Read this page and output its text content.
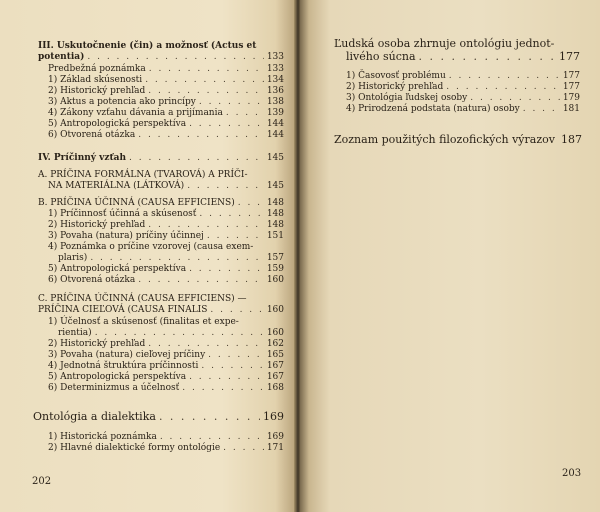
III. Uskutočnenie (čin) a možnosť (Actus et
potentia) . . .	133
Predbežná poznámka . . .	133
1) Základ skúsenosti . . .	134
2) Historický prehľad . . .	136
3) Aktus a potencia ako princípy . . .	138
4) Zákony vzťahu dávania a prijímania . . .	139
5) Antropologická perspektíva . . .	144
6) Otvorená otázka . . .	144
IV. Príčinný vzťah . . .	145
A. PRÍČINA FORMÁLNA (TVAROVÁ) A PRÍČI-
NA MATERIÁLNA (LÁTKOVÁ) . . .	145
B. PRÍČINA ÚČINNÁ (CAUSA EFFICIENS) . . .	148
1) Príčinnosť účinná a skúsenosť . . .	148
2) Historický prehľad . . .	148
3) Povaha (natura) príčiny účinnej . . .	151
4) Poznámka o príčine vzorovej (causa exem-
plaris) . . .	157
5) Antropologická perspektíva . . .	159
6) Otvorená otázka . . .	160
C. PRÍČINA ÚČINNÁ (CAUSA EFFICIENS) —
PRÍČINA CIEĽOVÁ (CAUSA FINALIS . . .	160
1) Účelnosť a skúsenosť (finalitas et expe-
rientia) . . .	160
2) Historický prehľad . . .	162
3) Povaha (natura) cieľovej príčiny . . .	165
4) Jednotná štruktúra príčinnosti . . .	167
5) Antropologická perspektíva . . .	167
6) Determinizmus a účelnosť . . .	168
Ontológia a dialektika . . .	169
1) Historická poznámka . . .	169
2) Hlavné dialektické formy ontológie . . .	171
202
Ľudská osoba zhrnuje ontológiu jednot-
livého súcna . . .	177
1) Časovosť problému . . .	177
2) Historický prehľad . . .	177
3) Ontológia ľudskej osoby . . .	179
4) Prirodzená podstata (natura) osoby . . .	181
Zoznam použitých filozofických výrazov 187
203
